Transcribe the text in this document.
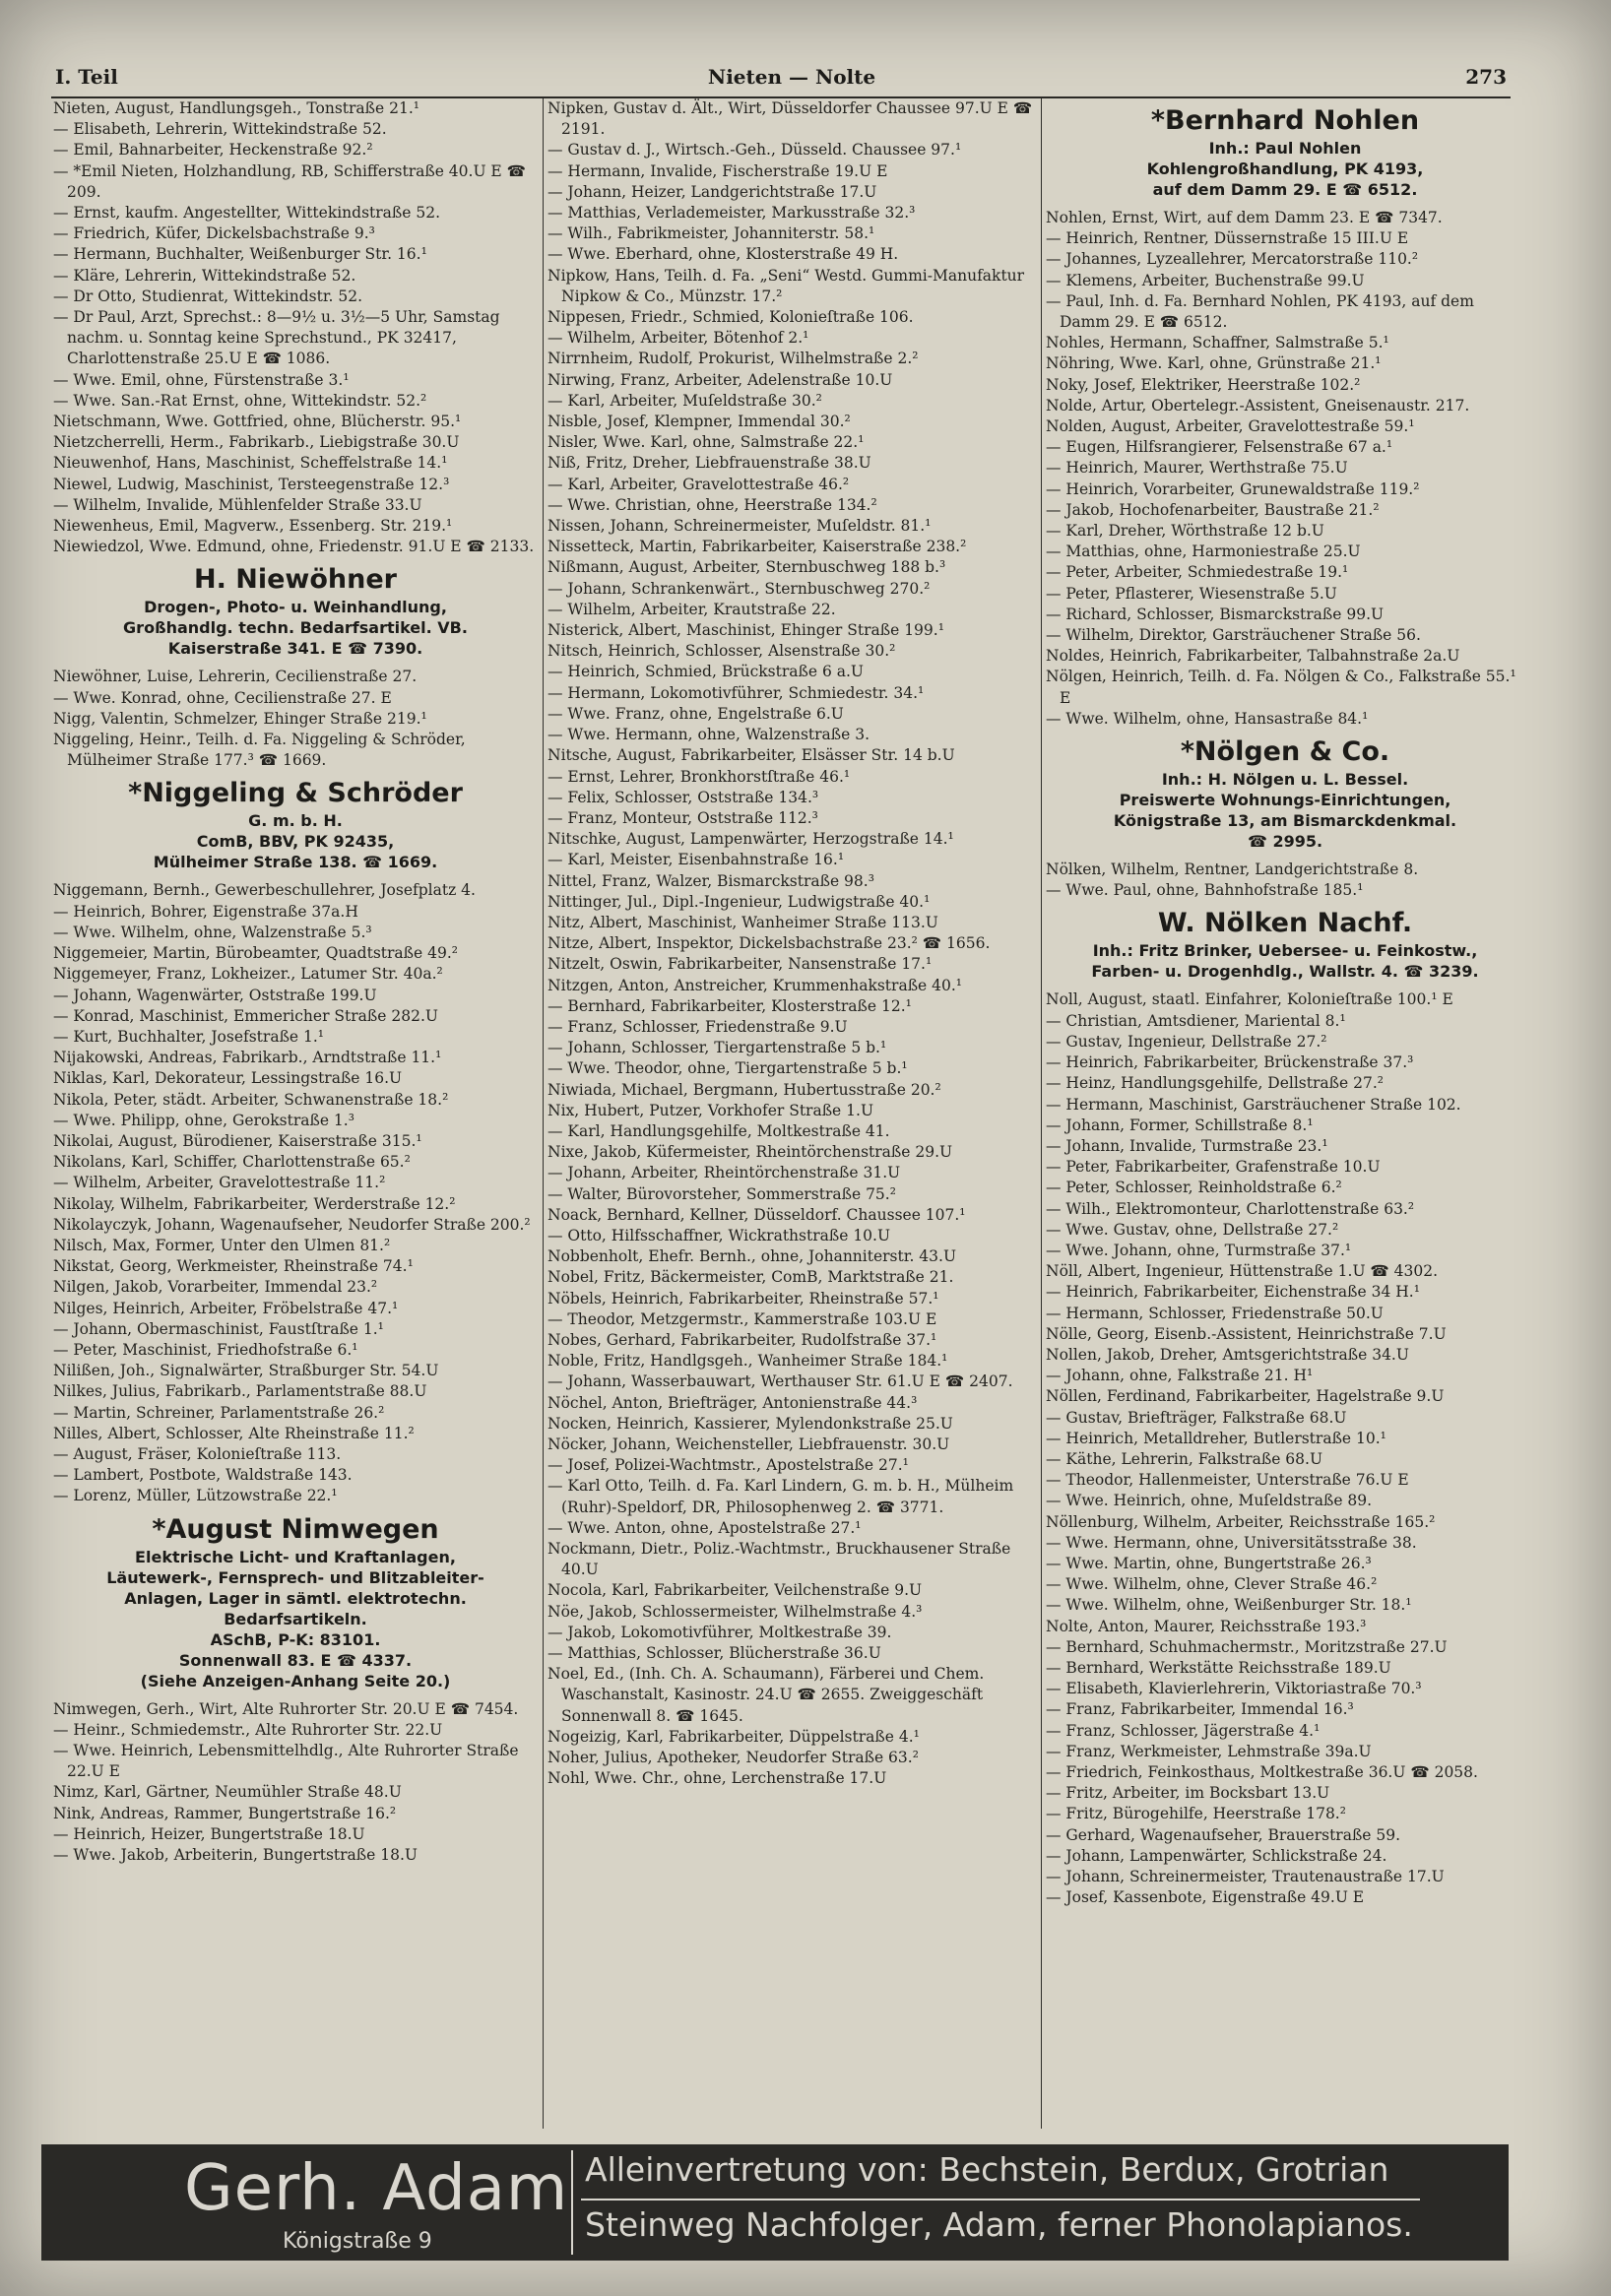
I. Teil	Nieten — Nolte	273
Nieten, August, Handlungsgeh., Tonstraße 21.¹
— Elisabeth, Lehrerin, Wittekindstraße 52.
— Emil, Bahnarbeiter, Heckenstraße 92.²
— *Emil Nieten, Holzhandlung, RB, Schifferstraße 40.U E ☎ 209.
— Ernst, kaufm. Angestellter, Wittekindstraße 52.
— Friedrich, Küfer, Dickelsbachstraße 9.³
— Hermann, Buchhalter, Weißenburger Str. 16.¹
— Kläre, Lehrerin, Wittekindstraße 52.
— Dr Otto, Studienrat, Wittekindstr. 52.
— Dr Paul, Arzt, Sprechst.: 8—9½ u. 3½—5 Uhr, Samstag nachm. u. Sonntag keine Sprechstund., PK 32417, Charlottenstraße 25.U E ☎ 1086.
— Wwe. Emil, ohne, Fürstenstraße 3.¹
— Wwe. San.-Rat Ernst, ohne, Wittekindstr. 52.²
Nietschmann, Wwe. Gottfried, ohne, Blücherstr. 95.¹
Nietzcherrelli, Herm., Fabrikarb., Liebigstraße 30.U
Nieuwenhof, Hans, Maschinist, Scheffelstraße 14.¹
Niewel, Ludwig, Maschinist, Tersteegenstraße 12.³
— Wilhelm, Invalide, Mühlenfelder Straße 33.U
Niewenheus, Emil, Magverw., Essenberg. Str. 219.¹
Niewiedzol, Wwe. Edmund, ohne, Friedenstr. 91.U E ☎ 2133.
H. Niewöhner
Drogen-, Photo- u. Weinhandlung,
Großhandlg. techn. Bedarfsartikel. VB.
Kaiserstraße 341. E ☎ 7390.
Niewöhner, Luise, Lehrerin, Cecilienstraße 27.
— Wwe. Konrad, ohne, Cecilienstraße 27. E
Nigg, Valentin, Schmelzer, Ehinger Straße 219.¹
Niggeling, Heinr., Teilh. d. Fa. Niggeling & Schröder, Mülheimer Straße 177.³ ☎ 1669.
*Niggeling & Schröder
G. m. b. H.
ComB, BBV, PK 92435,
Mülheimer Straße 138. ☎ 1669.
Niggemann, Bernh., Gewerbeschullehrer, Josefplatz 4.
— Heinrich, Bohrer, Eigenstraße 37a.H
— Wwe. Wilhelm, ohne, Walzenstraße 5.³
Niggemeier, Martin, Bürobeamter, Quadtstraße 49.²
Niggemeyer, Franz, Lokheizer., Latumer Str. 40a.²
— Johann, Wagenwärter, Oststraße 199.U
— Konrad, Maschinist, Emmericher Straße 282.U
— Kurt, Buchhalter, Josefstraße 1.¹
Nijakowski, Andreas, Fabrikarb., Arndtstraße 11.¹
Niklas, Karl, Dekorateur, Lessingstraße 16.U
Nikola, Peter, städt. Arbeiter, Schwanenstraße 18.²
— Wwe. Philipp, ohne, Gerokstraße 1.³
Nikolai, August, Bürodiener, Kaiserstraße 315.¹
Nikolans, Karl, Schiffer, Charlottenstraße 65.²
— Wilhelm, Arbeiter, Gravelottestraße 11.²
Nikolay, Wilhelm, Fabrikarbeiter, Werderstraße 12.²
Nikolayczyk, Johann, Wagenaufseher, Neudorfer Straße 200.²
Nilsch, Max, Former, Unter den Ulmen 81.²
Nikstat, Georg, Werkmeister, Rheinstraße 74.¹
Nilgen, Jakob, Vorarbeiter, Immendal 23.²
Nilges, Heinrich, Arbeiter, Fröbelstraße 47.¹
— Johann, Obermaschinist, Faustſtraße 1.¹
— Peter, Maschinist, Friedhofstraße 6.¹
Nilißen, Joh., Signalwärter, Straßburger Str. 54.U
Nilkes, Julius, Fabrikarb., Parlamentstraße 88.U
— Martin, Schreiner, Parlamentstraße 26.²
Nilles, Albert, Schlosser, Alte Rheinstraße 11.²
— August, Fräser, Kolonieſtraße 113.
— Lambert, Postbote, Waldstraße 143.
— Lorenz, Müller, Lützowstraße 22.¹
*August Nimwegen
Elektrische Licht- und Kraftanlagen,
Läutewerk-, Fernsprech- und Blitzableiter-
Anlagen, Lager in sämtl. elektrotechn.
Bedarfsartikeln.
ASchB, P-K: 83101.
Sonnenwall 83. E ☎ 4337.
(Siehe Anzeigen-Anhang Seite 20.)
Nimwegen, Gerh., Wirt, Alte Ruhrorter Str. 20.U E ☎ 7454.
— Heinr., Schmiedemstr., Alte Ruhrorter Str. 22.U
— Wwe. Heinrich, Lebensmittelhdlg., Alte Ruhrorter Straße 22.U E
Nimz, Karl, Gärtner, Neumühler Straße 48.U
Nink, Andreas, Rammer, Bungertstraße 16.²
— Heinrich, Heizer, Bungertstraße 18.U
— Wwe. Jakob, Arbeiterin, Bungertstraße 18.U
Nipken, Gustav d. Ält., Wirt, Düsseldorfer Chaussee 97.U E ☎ 2191.
— Gustav d. J., Wirtsch.-Geh., Düsseld. Chaussee 97.¹
— Hermann, Invalide, Fischerstraße 19.U E
— Johann, Heizer, Landgerichtstraße 17.U
— Matthias, Verlademeister, Markusstraße 32.³
— Wilh., Fabrikmeister, Johanniterstr. 58.¹
— Wwe. Eberhard, ohne, Klosterstraße 49 H.
Nipkow, Hans, Teilh. d. Fa. „Seni“ Westd. Gummi-Manufaktur Nipkow & Co., Münzstr. 17.²
Nippesen, Friedr., Schmied, Kolonieſtraße 106.
— Wilhelm, Arbeiter, Bötenhof 2.¹
Nirrnheim, Rudolf, Prokurist, Wilhelmstraße 2.²
Nirwing, Franz, Arbeiter, Adelenstraße 10.U
— Karl, Arbeiter, Muſeldstraße 30.²
Nisble, Josef, Klempner, Immendal 30.²
Nisler, Wwe. Karl, ohne, Salmstraße 22.¹
Niß, Fritz, Dreher, Liebfrauenstraße 38.U
— Karl, Arbeiter, Gravelottestraße 46.²
— Wwe. Christian, ohne, Heerstraße 134.²
Nissen, Johann, Schreinermeister, Muſeldstr. 81.¹
Nissetteck, Martin, Fabrikarbeiter, Kaiserstraße 238.²
Nißmann, August, Arbeiter, Sternbuschweg 188 b.³
— Johann, Schrankenwärt., Sternbuschweg 270.²
— Wilhelm, Arbeiter, Krautstraße 22.
Nisterick, Albert, Maschinist, Ehinger Straße 199.¹
Nitsch, Heinrich, Schlosser, Alsenstraße 30.²
— Heinrich, Schmied, Brückstraße 6 a.U
— Hermann, Lokomotivführer, Schmiedestr. 34.¹
— Wwe. Franz, ohne, Engelstraße 6.U
— Wwe. Hermann, ohne, Walzenstraße 3.
Nitsche, August, Fabrikarbeiter, Elsässer Str. 14 b.U
— Ernst, Lehrer, Bronkhorstſtraße 46.¹
— Felix, Schlosser, Oststraße 134.³
— Franz, Monteur, Oststraße 112.³
Nitschke, August, Lampenwärter, Herzogstraße 14.¹
— Karl, Meister, Eisenbahnstraße 16.¹
Nittel, Franz, Walzer, Bismarckstraße 98.³
Nittinger, Jul., Dipl.-Ingenieur, Ludwigstraße 40.¹
Nitz, Albert, Maschinist, Wanheimer Straße 113.U
Nitze, Albert, Inspektor, Dickelsbachstraße 23.² ☎ 1656.
Nitzelt, Oswin, Fabrikarbeiter, Nansenstraße 17.¹
Nitzgen, Anton, Anstreicher, Krummenhakstraße 40.¹
— Bernhard, Fabrikarbeiter, Klosterstraße 12.¹
— Franz, Schlosser, Friedenstraße 9.U
— Johann, Schlosser, Tiergartenstraße 5 b.¹
— Wwe. Theodor, ohne, Tiergartenstraße 5 b.¹
Niwiada, Michael, Bergmann, Hubertusstraße 20.²
Nix, Hubert, Putzer, Vorkhofer Straße 1.U
— Karl, Handlungsgehilfe, Moltkestraße 41.
Nixe, Jakob, Küfermeister, Rheintörchenstraße 29.U
— Johann, Arbeiter, Rheintörchenstraße 31.U
— Walter, Bürovorsteher, Sommerstraße 75.²
Noack, Bernhard, Kellner, Düsseldorf. Chaussee 107.¹
— Otto, Hilfsschaffner, Wickrathstraße 10.U
Nobbenholt, Ehefr. Bernh., ohne, Johanniterstr. 43.U
Nobel, Fritz, Bäckermeister, ComB, Marktstraße 21.
Nöbels, Heinrich, Fabrikarbeiter, Rheinstraße 57.¹
— Theodor, Metzgermstr., Kammerstraße 103.U E
Nobes, Gerhard, Fabrikarbeiter, Rudolfstraße 37.¹
Noble, Fritz, Handlgsgeh., Wanheimer Straße 184.¹
— Johann, Wasserbauwart, Werthauser Str. 61.U E ☎ 2407.
Nöchel, Anton, Briefträger, Antonienstraße 44.³
Nocken, Heinrich, Kassierer, Mylendonkstraße 25.U
Nöcker, Johann, Weichensteller, Liebfrauenstr. 30.U
— Josef, Polizei-Wachtmstr., Apostelstraße 27.¹
— Karl Otto, Teilh. d. Fa. Karl Lindern, G. m. b. H., Mülheim (Ruhr)-Speldorf, DR, Philosophenweg 2. ☎ 3771.
— Wwe. Anton, ohne, Apostelstraße 27.¹
Nockmann, Dietr., Poliz.-Wachtmstr., Bruckhausener Straße 40.U
Nocola, Karl, Fabrikarbeiter, Veilchenstraße 9.U
Nöe, Jakob, Schlossermeister, Wilhelmstraße 4.³
— Jakob, Lokomotivführer, Moltkestraße 39.
— Matthias, Schlosser, Blücherstraße 36.U
Noel, Ed., (Inh. Ch. A. Schaumann), Färberei und Chem. Waschanstalt, Kasinostr. 24.U ☎ 2655. Zweiggeschäft Sonnenwall 8. ☎ 1645.
Nogeizig, Karl, Fabrikarbeiter, Düppelstraße 4.¹
Noher, Julius, Apotheker, Neudorfer Straße 63.²
Nohl, Wwe. Chr., ohne, Lerchenstraße 17.U
*Bernhard Nohlen
Inh.: Paul Nohlen
Kohlengroßhandlung, PK 4193,
auf dem Damm 29. E ☎ 6512.
Nohlen, Ernst, Wirt, auf dem Damm 23. E ☎ 7347.
— Heinrich, Rentner, Düssernstraße 15 III.U E
— Johannes, Lyzeallehrer, Mercatorstraße 110.²
— Klemens, Arbeiter, Buchenstraße 99.U
— Paul, Inh. d. Fa. Bernhard Nohlen, PK 4193, auf dem Damm 29. E ☎ 6512.
Nohles, Hermann, Schaffner, Salmstraße 5.¹
Nöhring, Wwe. Karl, ohne, Grünstraße 21.¹
Noky, Josef, Elektriker, Heerstraße 102.²
Nolde, Artur, Obertelegr.-Assistent, Gneisenaustr. 217.
Nolden, August, Arbeiter, Gravelottestraße 59.¹
— Eugen, Hilfsrangierer, Felsenstraße 67 a.¹
— Heinrich, Maurer, Werthstraße 75.U
— Heinrich, Vorarbeiter, Grunewaldstraße 119.²
— Jakob, Hochofenarbeiter, Baustraße 21.²
— Karl, Dreher, Wörthstraße 12 b.U
— Matthias, ohne, Harmoniestraße 25.U
— Peter, Arbeiter, Schmiedestraße 19.¹
— Peter, Pflasterer, Wiesenstraße 5.U
— Richard, Schlosser, Bismarckstraße 99.U
— Wilhelm, Direktor, Garsträuchener Straße 56.
Noldes, Heinrich, Fabrikarbeiter, Talbahnstraße 2a.U
Nölgen, Heinrich, Teilh. d. Fa. Nölgen & Co., Falkstraße 55.¹ E
— Wwe. Wilhelm, ohne, Hansastraße 84.¹
*Nölgen & Co.
Inh.: H. Nölgen u. L. Bessel.
Preiswerte Wohnungs-Einrichtungen,
Königstraße 13, am Bismarckdenkmal.
☎ 2995.
Nölken, Wilhelm, Rentner, Landgerichtstraße 8.
— Wwe. Paul, ohne, Bahnhofstraße 185.¹
W. Nölken Nachf.
Inh.: Fritz Brinker, Uebersee- u. Feinkostw.,
Farben- u. Drogenhdlg., Wallstr. 4. ☎ 3239.
Noll, August, staatl. Einfahrer, Kolonieſtraße 100.¹ E
— Christian, Amtsdiener, Mariental 8.¹
— Gustav, Ingenieur, Dellstraße 27.²
— Heinrich, Fabrikarbeiter, Brückenstraße 37.³
— Heinz, Handlungsgehilfe, Dellstraße 27.²
— Hermann, Maschinist, Garsträuchener Straße 102.
— Johann, Former, Schillstraße 8.¹
— Johann, Invalide, Turmstraße 23.¹
— Peter, Fabrikarbeiter, Grafenstraße 10.U
— Peter, Schlosser, Reinholdstraße 6.²
— Wilh., Elektromonteur, Charlottenstraße 63.²
— Wwe. Gustav, ohne, Dellstraße 27.²
— Wwe. Johann, ohne, Turmstraße 37.¹
Nöll, Albert, Ingenieur, Hüttenstraße 1.U ☎ 4302.
— Heinrich, Fabrikarbeiter, Eichenstraße 34 H.¹
— Hermann, Schlosser, Friedenstraße 50.U
Nölle, Georg, Eisenb.-Assistent, Heinrichstraße 7.U
Nollen, Jakob, Dreher, Amtsgerichtstraße 34.U
— Johann, ohne, Falkstraße 21. H¹
Nöllen, Ferdinand, Fabrikarbeiter, Hagelstraße 9.U
— Gustav, Briefträger, Falkstraße 68.U
— Heinrich, Metalldreher, Butlerstraße 10.¹
— Käthe, Lehrerin, Falkstraße 68.U
— Theodor, Hallenmeister, Unterstraße 76.U E
— Wwe. Heinrich, ohne, Muſeldstraße 89.
Nöllenburg, Wilhelm, Arbeiter, Reichsstraße 165.²
— Wwe. Hermann, ohne, Universitätsstraße 38.
— Wwe. Martin, ohne, Bungertstraße 26.³
— Wwe. Wilhelm, ohne, Clever Straße 46.²
— Wwe. Wilhelm, ohne, Weißenburger Str. 18.¹
Nolte, Anton, Maurer, Reichsstraße 193.³
— Bernhard, Schuhmachermstr., Moritzstraße 27.U
— Bernhard, Werkstätte Reichsstraße 189.U
— Elisabeth, Klavierlehrerin, Viktoriastraße 70.³
— Franz, Fabrikarbeiter, Immendal 16.³
— Franz, Schlosser, Jägerstraße 4.¹
— Franz, Werkmeister, Lehmstraße 39a.U
— Friedrich, Feinkosthaus, Moltkestraße 36.U ☎ 2058.
— Fritz, Arbeiter, im Bocksbart 13.U
— Fritz, Bürogehilfe, Heerstraße 178.²
— Gerhard, Wagenaufseher, Brauerstraße 59.
— Johann, Lampenwärter, Schlickstraße 24.
— Johann, Schreinermeister, Trautenaustraße 17.U
— Josef, Kassenbote, Eigenstraße 49.U E
Gerh. Adam
Königstraße 9
Alleinvertretung von: Bechstein, Berdux, Grotrian
Steinweg Nachfolger, Adam, ferner Phonolapianos.
